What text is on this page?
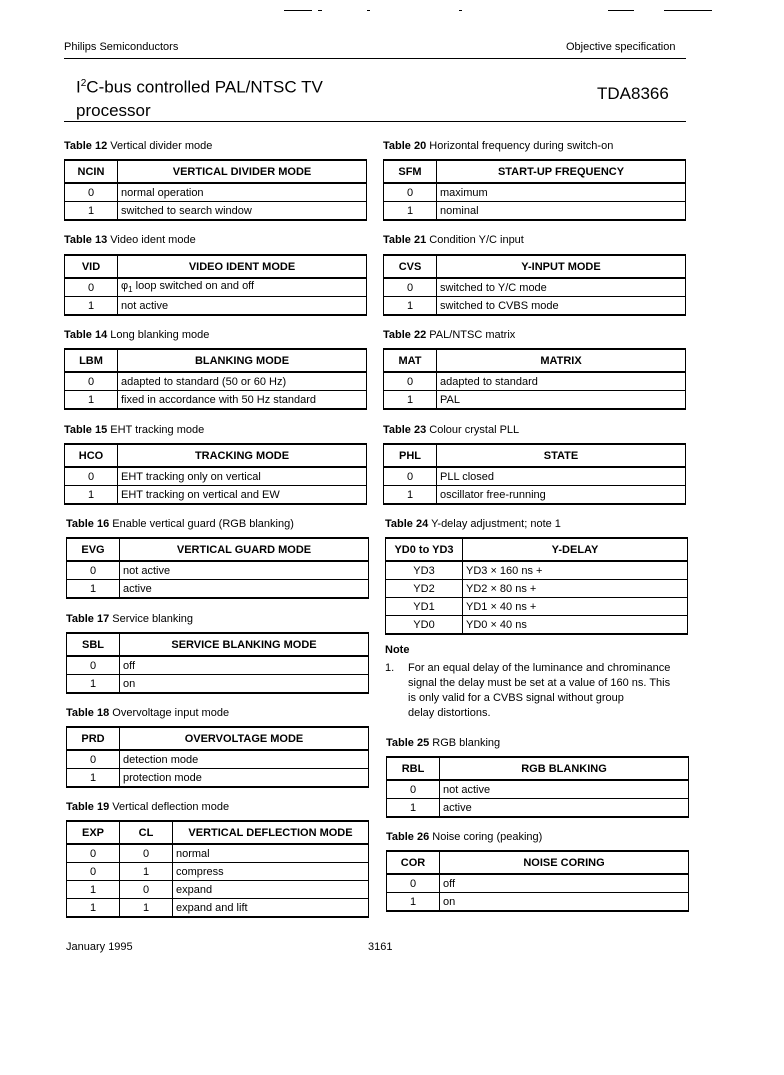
Philips Semiconductors	Objective specification
$I^2C$-bus controlled PAL/NTSC TV
processor
TDA8366
Table 12 Vertical divider mode
NCIN	VERTICAL DIVIDER MODE
0	normal operation
1	switched to search window
Table 13 Video ident mode
VID	VIDEO IDENT MODE
0	$\varphi_1$ loop switched on and off
1	not active
Table 14 Long blanking mode
LBM	BLANKING MODE
0	adapted to standard (50 or 60 Hz)
1	fixed in accordance with 50 Hz standard
Table 15 EHT tracking mode
HCO	TRACKING MODE
0	EHT tracking only on vertical
1	EHT tracking on vertical and EW
Table 16 Enable vertical guard (RGB blanking)
EVG	VERTICAL GUARD MODE
0	not active
1	active
Table 17 Service blanking
SBL	SERVICE BLANKING MODE
0	off
1	on
Table 18 Overvoltage input mode
PRD	OVERVOLTAGE MODE
0	detection mode
1	protection mode
Table 19 Vertical deflection mode
EXP	CL	VERTICAL DEFLECTION MODE
0	0	normal
0	1	compress
1	0	expand
1	1	expand and lift
Table 20 Horizontal frequency during switch-on
SFM	START-UP FREQUENCY
0	maximum
1	nominal
Table 21 Condition Y/C input
CVS	Y-INPUT MODE
0	switched to Y/C mode
1	switched to CVBS mode
Table 22 PAL/NTSC matrix
MAT	MATRIX
0	adapted to standard
1	PAL
Table 23 Colour crystal PLL
PHL	STATE
0	PLL closed
1	oscillator free-running
Table 24 Y-delay adjustment; note 1
YD0 to YD3	Y-DELAY
YD3	YD3 × 160 ns +
YD2	YD2 × 80 ns +
YD1	YD1 × 40 ns +
YD0	YD0 × 40 ns
Note
1. For an equal delay of the luminance and chrominance
signal the delay must be set at a value of 160 ns. This
is only valid for a CVBS signal without group
delay distortions.
Table 25 RGB blanking
RBL	RGB BLANKING
0	not active
1	active
Table 26 Noise coring (peaking)
COR	NOISE CORING
0	off
1	on
January 1995	3161
